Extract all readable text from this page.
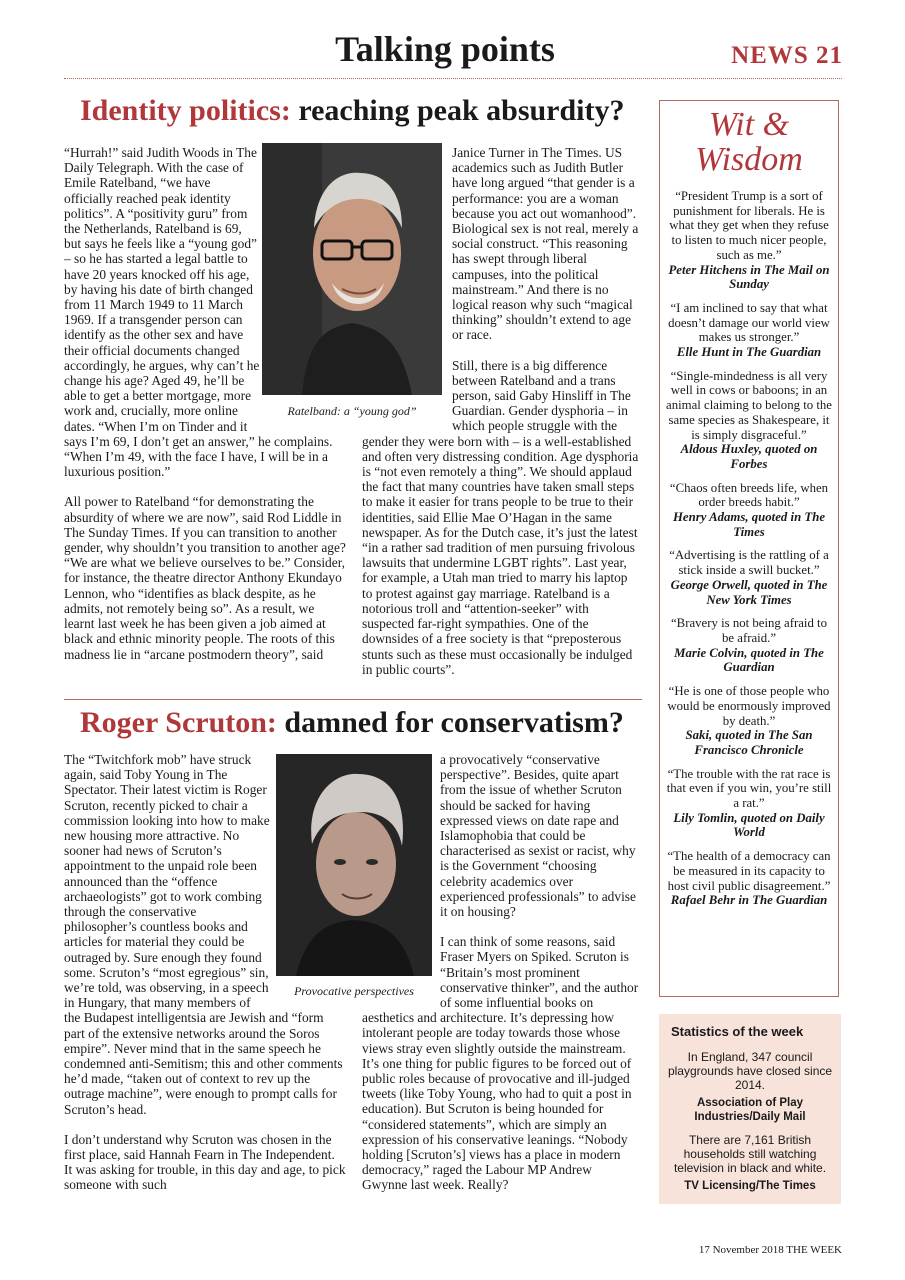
Talking points	NEWS 21
Identity politics: reaching peak absurdity?
Ratelband: a “young god”

“Hurrah!” said Judith Woods in The Daily Telegraph. With the case of Emile Ratelband, “we have officially reached peak identity politics”. A “positivity guru” from the Netherlands, Ratelband is 69, but says he feels like a “young god” – so he has started a legal battle to have 20 years knocked off his age, by having his date of birth changed from 11 March 1949 to 11 March 1969. If a transgender person can identify as the other sex and have their official documents changed accordingly, he argues, why can’t he change his age? Aged 49, he’ll be able to get a better mortgage, more work and, crucially, more online dates. “When I’m on Tinder and it says I’m 69, I don’t get an answer,” he complains. “When I’m 49, with the face I have, I will be in a luxurious position.”

All power to Ratelband “for demonstrating the absurdity of where we are now”, said Rod Liddle in The Sunday Times. If you can transition to another gender, why shouldn’t you transition to another age? “We are what we believe ourselves to be.” Consider, for instance, the theatre director Anthony Ekundayo Lennon, who “identifies as black despite, as he admits, not remotely being so”. As a result, we learnt last week he has been given a job aimed at black and ethnic minority people. The roots of this madness lie in “arcane postmodern theory”, said

Janice Turner in The Times. US academics such as Judith Butler have long argued “that gender is a performance: you are a woman because you act out womanhood”. Biological sex is not real, merely a social construct. “This reasoning has swept through liberal campuses, into the political mainstream.” And there is no logical reason why such “magical thinking” shouldn’t extend to age or race.

Still, there is a big difference between Ratelband and a trans person, said Gaby Hinsliff in The Guardian. Gender dysphoria – in which people struggle with the gender they were born with – is a well-established and often very distressing condition. Age dysphoria is “not even remotely a thing”. We should applaud the fact that many countries have taken small steps to make it easier for trans people to be true to their identities, said Ellie Mae O’Hagan in the same newspaper. As for the Dutch case, it’s just the latest “in a rather sad tradition of men pursuing frivolous lawsuits that undermine LGBT rights”. Last year, for example, a Utah man tried to marry his laptop to protest against gay marriage. Ratelband is a notorious troll and “attention-seeker” with suspected far-right sympathies. One of the downsides of a free society is that “preposterous stunts such as these must occasionally be indulged in public courts”.

Roger Scruton: damned for conservatism?
Provocative perspectives

The “Twitchfork mob” have struck again, said Toby Young in The Spectator. Their latest victim is Roger Scruton, recently picked to chair a commission looking into how to make new housing more attractive. No sooner had news of Scruton’s appointment to the unpaid role been announced than the “offence archaeologists” got to work combing through the conservative philosopher’s countless books and articles for material they could be outraged by. Sure enough they found some. Scruton’s “most egregious” sin, we’re told, was observing, in a speech in Hungary, that many members of the Budapest intelligentsia are Jewish and “form part of the extensive networks around the Soros empire”. Never mind that in the same speech he condemned anti-Semitism; this and other comments he’d made, “taken out of context to rev up the outrage machine”, were enough to prompt calls for Scruton’s head.

I don’t understand why Scruton was chosen in the first place, said Hannah Fearn in The Independent. It was asking for trouble, in this day and age, to pick someone with such

a provocatively “conservative perspective”. Besides, quite apart from the issue of whether Scruton should be sacked for having expressed views on date rape and Islamophobia that could be characterised as sexist or racist, why is the Government “choosing celebrity academics over experienced professionals” to advise it on housing?

I can think of some reasons, said Fraser Myers on Spiked. Scruton is “Britain’s most prominent conservative thinker”, and the author of some influential books on aesthetics and architecture. It’s depressing how intolerant people are today towards those whose views stray even slightly outside the mainstream. It’s one thing for public figures to be forced out of public roles because of provocative and ill-judged tweets (like Toby Young, who had to quit a post in education). But Scruton is being hounded for “considered statements”, which are simply an expression of his conservative leanings. “Nobody holding [Scruton’s] views has a place in modern democracy,” raged the Labour MP Andrew Gwynne last week. Really?

Wit & Wisdom
“President Trump is a sort of punishment for liberals. He is what they get when they refuse to listen to much nicer people, such as me.”
Peter Hitchens in The Mail on Sunday
“I am inclined to say that what doesn’t damage our world view makes us stronger.”
Elle Hunt in The Guardian
“Single-mindedness is all very well in cows or baboons; in an animal claiming to belong to the same species as Shakespeare, it is simply disgraceful.”
Aldous Huxley, quoted on Forbes
“Chaos often breeds life, when order breeds habit.”
Henry Adams, quoted in The Times
“Advertising is the rattling of a stick inside a swill bucket.”
George Orwell, quoted in The New York Times
“Bravery is not being afraid to be afraid.”
Marie Colvin, quoted in The Guardian
“He is one of those people who would be enormously improved by death.”
Saki, quoted in The San Francisco Chronicle
“The trouble with the rat race is that even if you win, you’re still a rat.”
Lily Tomlin, quoted on Daily World
“The health of a democracy can be measured in its capacity to host civil public disagreement.”
Rafael Behr in The Guardian
Statistics of the week
In England, 347 council playgrounds have closed since 2014.
Association of Play Industries/Daily Mail
There are 7,161 British households still watching television in black and white.
TV Licensing/The Times
17 November 2018 THE WEEK
